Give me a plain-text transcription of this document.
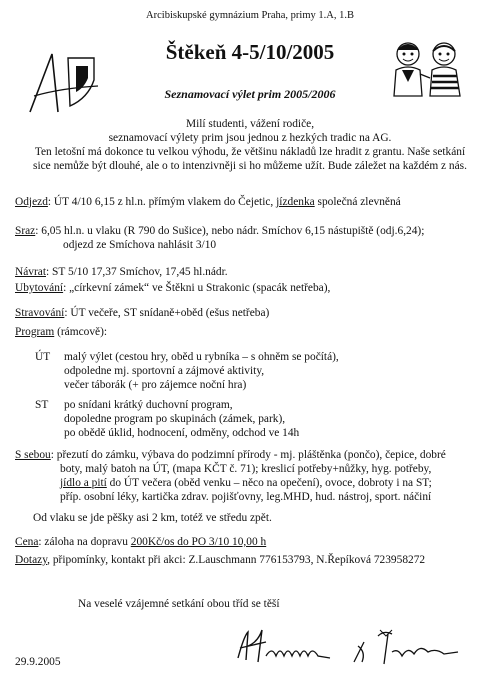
Arcibiskupské gymnázium Praha, primy 1.A, 1.B
Štěkeň 4-5/10/2005
Seznamovací výlet prim 2005/2006
Milí studenti, vážení rodiče,
seznamovací výlety prim jsou jednou z hezkých tradic na AG.
Ten letošní má dokonce tu velkou výhodu, že většinu nákladů lze hradit z grantu. Naše setkání
sice nemůže být dlouhé, ale o to intenzivněji si ho můžeme užít. Bude záležet na každém z nás.
Odjezd: ÚT 4/10 6,15 z hl.n. přímým vlakem do Čejetic, jízdenka společná zlevněná
Sraz: 6,05 hl.n. u vlaku (R 790 do Sušice), nebo nádr. Smíchov 6,15 nástupiště (odj.6,24);
odjezd ze Smíchova nahlásit 3/10
Návrat: ST 5/10 17,37 Smíchov, 17,45 hl.nádr.
Ubytování: „církevní zámek“ ve Štěkni u Strakonic (spacák netřeba),
Stravování: ÚT večeře, ST snídaně+oběd (ešus netřeba)
Program (rámcově):
ÚT malý výlet (cestou hry, oběd u rybníka – s ohněm se počítá),
odpoledne mj. sportovní a zájmové aktivity,
večer táborák (+ pro zájemce noční hra)
ST po snídani krátký duchovní program,
dopoledne program po skupinách (zámek, park),
po obědě úklid, hodnocení, odměny, odchod ve 14h
S sebou: přezutí do zámku, výbava do podzimní přírody - mj. pláštěnka (pončo), čepice, dobré
boty, malý batoh na ÚT, (mapa KČT č. 71); kreslicí potřeby+nůžky, hyg. potřeby,
jídlo a pití do ÚT večera (oběd venku – něco na opečení), ovoce, dobroty i na ST;
příp. osobní léky, kartička zdrav. pojišťovny, leg.MHD, hud. nástroj, sport. náčiní
Od vlaku se jde pěšky asi 2 km, totéž ve středu zpět.
Cena: záloha na dopravu 200Kč/os do PO 3/10 10,00 h
Dotazy, připomínky, kontakt při akci: Z.Lauschmann 776153793, N.Řepíková 723958272
Na veselé vzájemné setkání obou tříd se těší
29.9.2005
